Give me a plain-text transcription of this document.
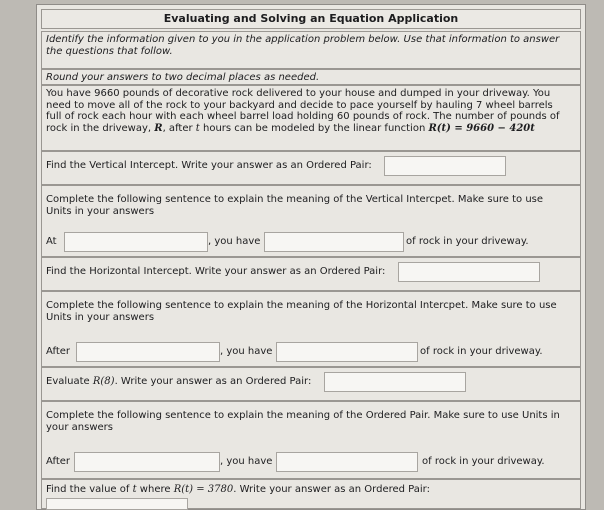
Evaluating and Solving an Equation Application
Identify the information given to you in the application problem below. Use that information to answer
the questions that follow.
Round your answers to two decimal places as needed.
You have 9660 pounds of decorative rock delivered to your house and dumped in your driveway. You
need to move all of the rock to your backyard and decide to pace yourself by hauling 7 wheel barrels
full of rock each hour with each wheel barrel load holding 60 pounds of rock. The number of pounds of
rock in the driveway, R, after t hours can be modeled by the linear function R(t) = 9660 − 420t
Find the Vertical Intercept. Write your answer as an Ordered Pair:
Complete the following sentence to explain the meaning of the Vertical Intercpet. Make sure to use
Units in your answers
At	, you have	of rock in your driveway.
Find the Horizontal Intercept. Write your answer as an Ordered Pair:
Complete the following sentence to explain the meaning of the Horizontal Intercpet. Make sure to use
Units in your answers
After	, you have	of rock in your driveway.
Evaluate R(8). Write your answer as an Ordered Pair:
Complete the following sentence to explain the meaning of the Ordered Pair. Make sure to use Units in
your answers
After	, you have	of rock in your driveway.
Find the value of t where R(t) = 3780. Write your answer as an Ordered Pair:
